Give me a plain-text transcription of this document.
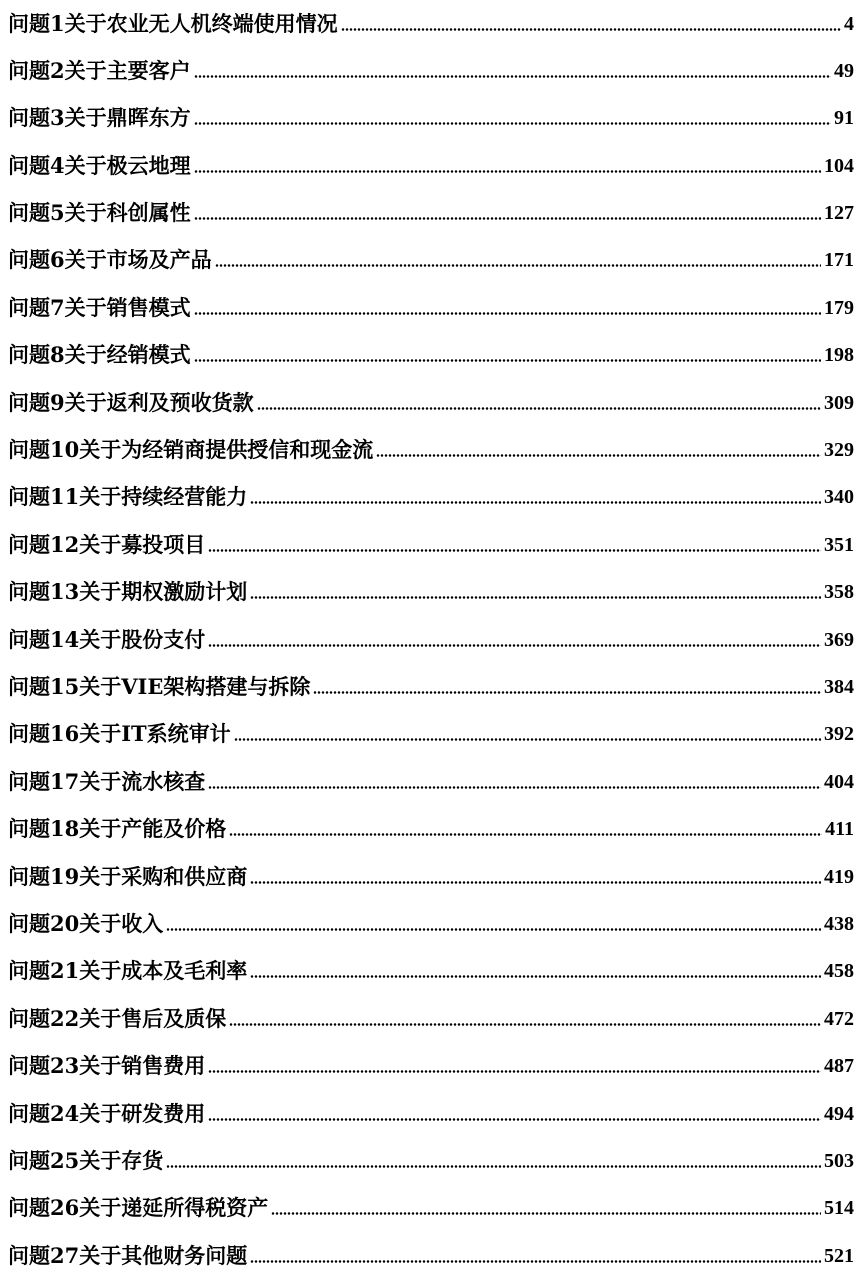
问题1关于农业无人机终端使用情况	4
问题2关于主要客户	49
问题3关于鼎晖东方	91
问题4关于极云地理	104
问题5关于科创属性	127
问题6关于市场及产品	171
问题7关于销售模式	179
问题8关于经销模式	198
问题9关于返利及预收货款	309
问题10关于为经销商提供授信和现金流	329
问题11关于持续经营能力	340
问题12关于募投项目	351
问题13关于期权激励计划	358
问题14关于股份支付	369
问题15关于VIE架构搭建与拆除	384
问题16关于IT系统审计	392
问题17关于流水核查	404
问题18关于产能及价格	411
问题19关于采购和供应商	419
问题20关于收入	438
问题21关于成本及毛利率	458
问题22关于售后及质保	472
问题23关于销售费用	487
问题24关于研发费用	494
问题25关于存货	503
问题26关于递延所得税资产	514
问题27关于其他财务问题	521
